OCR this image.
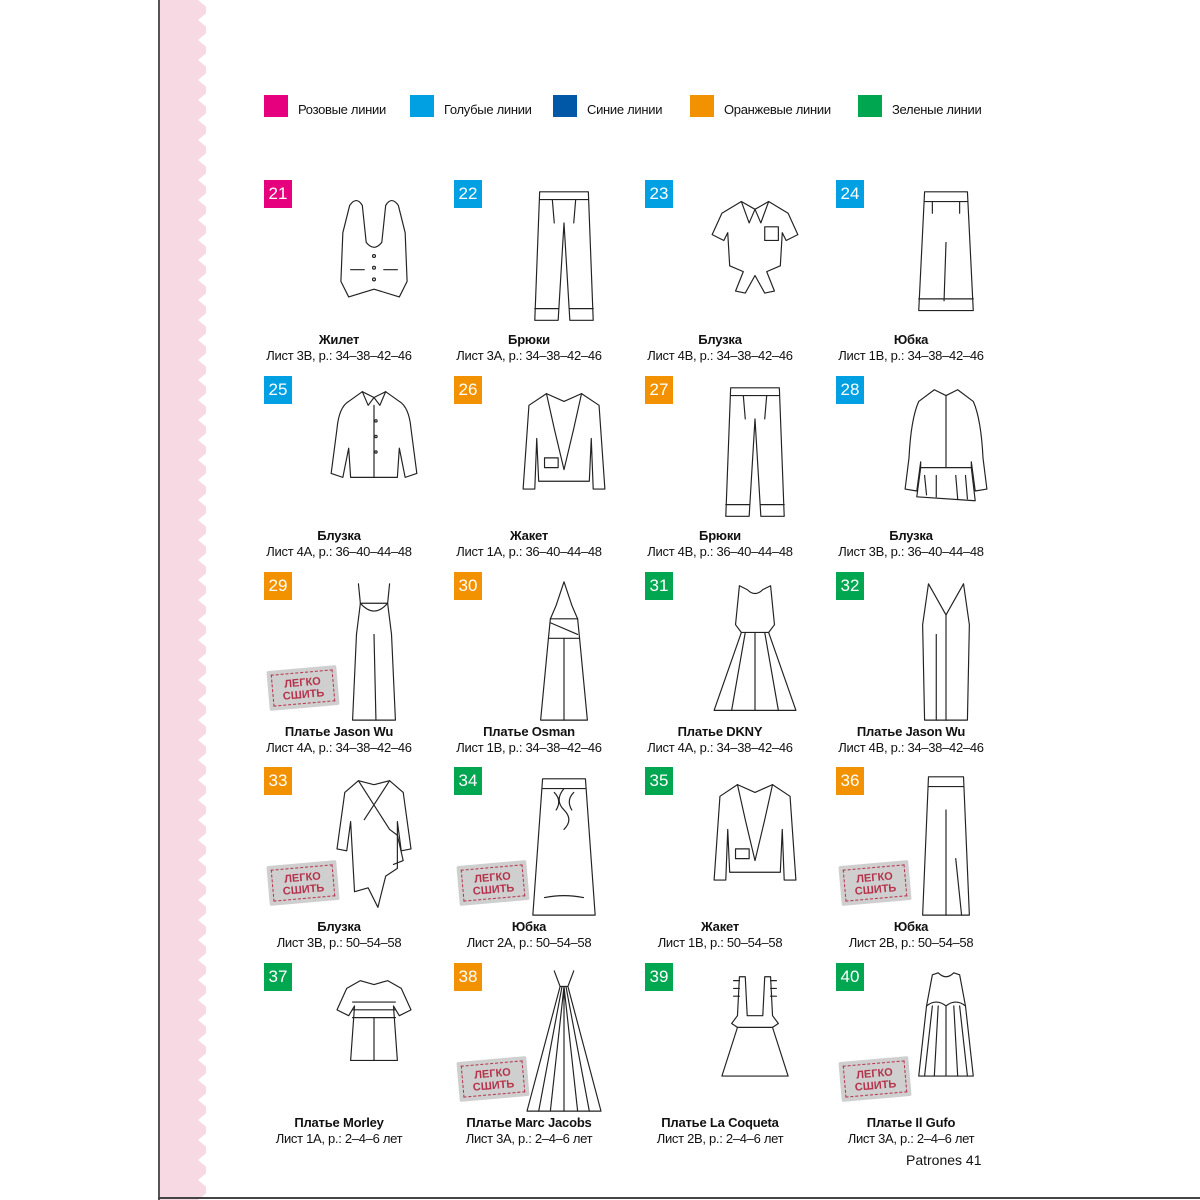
Розовые линии	Голубые линии	Синие линии	Оранжевые линии	Зеленые линии
21
Жилет
Лист 3B, р.: 34–38–42–46
22
Брюки
Лист 3А, р.: 34–38–42–46
23
Блузка
Лист 4В, р.: 34–38–42–46
24
Юбка
Лист 1B, р.: 34–38–42–46
25
Блузка
Лист 4А, р.: 36–40–44–48
26
Жакет
Лист 1А, р.: 36–40–44–48
27
Брюки
Лист 4В, р.: 36–40–44–48
28
Блузка
Лист 3B, р.: 36–40–44–48
29
ЛЕГКО СШИТЬ
Платье Jason Wu
Лист 4А, р.: 34–38–42–46
30
Платье Osman
Лист 1В, р.: 34–38–42–46
31
Платье DKNY
Лист 4А, р.: 34–38–42–46
32
Платье Jason Wu
Лист 4В, р.: 34–38–42–46
33
ЛЕГКО СШИТЬ
Блузка
Лист 3В, р.: 50–54–58
34
ЛЕГКО СШИТЬ
Юбка
Лист 2А, р.: 50–54–58
35
Жакет
Лист 1В, р.: 50–54–58
36
ЛЕГКО СШИТЬ
Юбка
Лист 2В, р.: 50–54–58
37
Платье Morley
Лист 1А, р.: 2–4–6 лет
38
ЛЕГКО СШИТЬ
Платье Marc Jacobs
Лист 3А, р.: 2–4–6 лет
39
Платье La Coqueta
Лист 2В, р.: 2–4–6 лет
40
ЛЕГКО СШИТЬ
Платье Il Gufo
Лист 3А, р.: 2–4–6 лет
Patrones 41
